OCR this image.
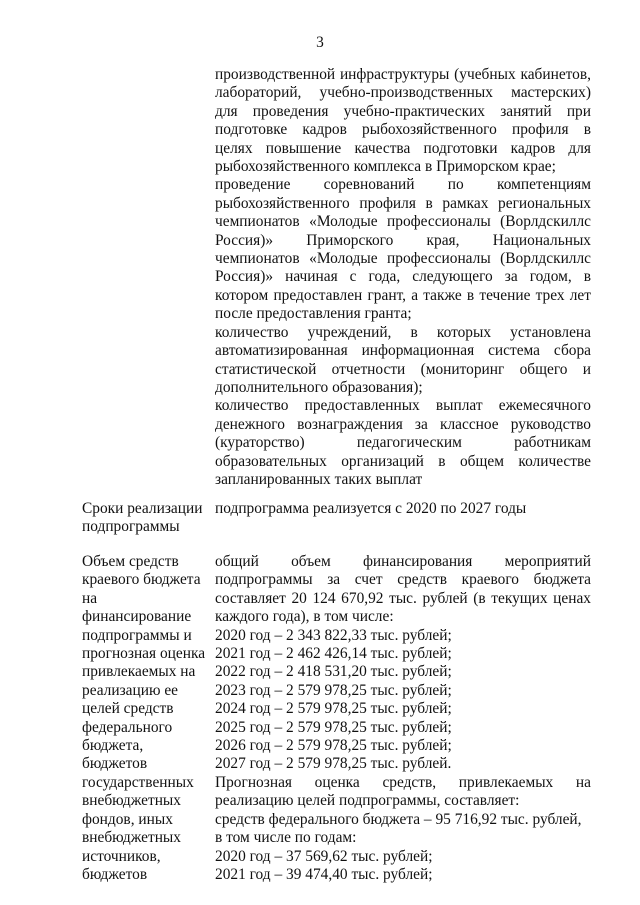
3

производственной инфраструктуры (учебных кабинетов,

лабораторий, учебно-производственных мастерских)

для проведения учебно-практических занятий при

подготовке кадров рыбохозяйственного профиля в

целях повышение качества подготовки кадров для

рыбохозяйственного комплекса в Приморском крае;

проведение соревнований по компетенциям

рыбохозяйственного профиля в рамках региональных

чемпионатов «Молодые профессионалы (Ворлдскиллс

Россия)» Приморского края, Национальных

чемпионатов «Молодые профессионалы (Ворлдскиллс

Россия)» начиная с года, следующего за годом, в

котором предоставлен грант, а также в течение трех лет

после предоставления гранта;

количество учреждений, в которых установлена

автоматизированная информационная система сбора

статистической отчетности (мониторинг общего и

дополнительного образования);

количество предоставленных выплат ежемесячного

денежного вознаграждения за классное руководство

(кураторство) педагогическим работникам

образовательных организаций в общем количестве

запланированных таких выплат

Сроки реализации
подпрограммы
подпрограмма реализуется с 2020 по 2027 годы
Объем средств
краевого бюджета
на
финансирование
подпрограммы и
прогнозная оценка
привлекаемых на
реализацию ее
целей средств
федерального
бюджета,
бюджетов
государственных
внебюджетных
фондов, иных
внебюджетных
источников,
бюджетов

общий объем финансирования мероприятий

подпрограммы за счет средств краевого бюджета

составляет 20 124 670,92 тыс. рублей (в текущих ценах

каждого года), в том числе:

2020 год – 2 343 822,33 тыс. рублей;
2021 год – 2 462 426,14 тыс. рублей;
2022 год – 2 418 531,20 тыс. рублей;
2023 год – 2 579 978,25 тыс. рублей;
2024 год – 2 579 978,25 тыс. рублей;
2025 год – 2 579 978,25 тыс. рублей;
2026 год – 2 579 978,25 тыс. рублей;
2027 год – 2 579 978,25 тыс. рублей.

Прогнозная оценка средств, привлекаемых на

реализацию целей подпрограммы, составляет:

средств федерального бюджета – 95 716,92 тыс. рублей,
в том числе по годам:
2020 год – 37 569,62 тыс. рублей;
2021 год – 39 474,40 тыс. рублей;
